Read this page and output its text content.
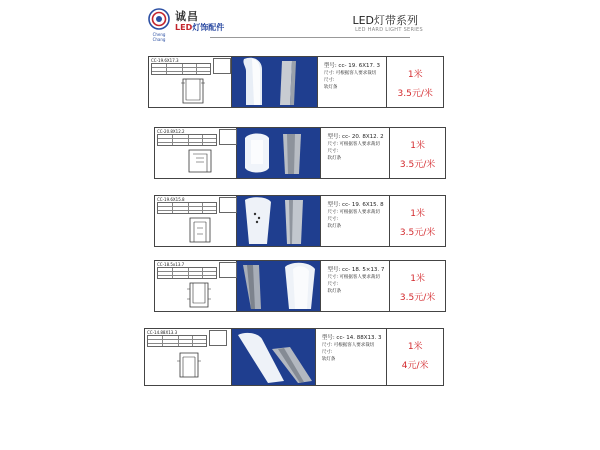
Cheng Chang
诚昌
LED灯饰配件
LED灯带系列
LED HARD LIGHT SERIES
CC-19.6X17.3
型号: cc- 19. 6X17. 3
尺寸: 可根据客人要求裁切
尺寸:
软灯条
1米
3.5元/米
CC-20.8X12.2
型号: cc- 20. 8X12. 2
尺寸: 可根据客人要求裁切
尺寸:
软灯条
1米
3.5元/米
CC-19.6X15.8
型号: cc- 19. 6X15. 8
尺寸: 可根据客人要求裁切
尺寸:
软灯条
1米
3.5元/米
CC-18.5x13.7
型号: cc- 18. 5×13. 7
尺寸: 可根据客人要求裁切
尺寸:
软灯条
1米
3.5元/米
CC-14.88X13.3
型号: cc- 14. 88X13. 3
尺寸: 可根据客人要求裁切
尺寸:
软灯条
1米
4元/米
